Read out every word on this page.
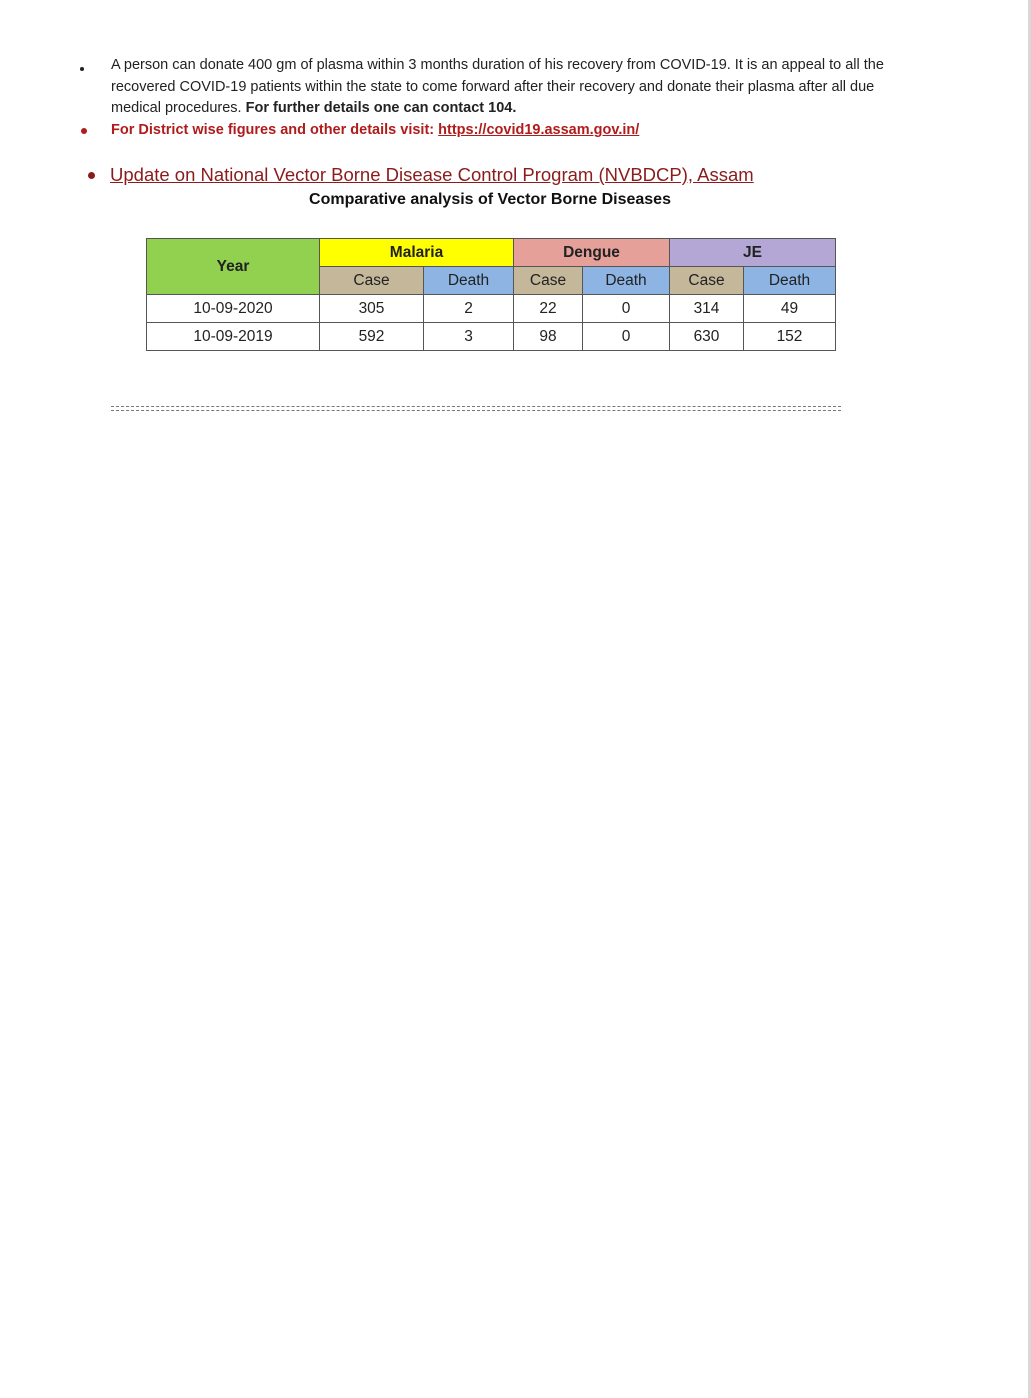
A person can donate 400 gm of plasma within 3 months duration of his recovery from COVID-19. It is an appeal to all the recovered COVID-19 patients within the state to come forward after their recovery and donate their plasma after all due medical procedures. For further details one can contact 104.
For District wise figures and other details visit: https://covid19.assam.gov.in/
Update on National Vector Borne Disease Control Program (NVBDCP), Assam
Comparative analysis of Vector Borne Diseases
Year	Malaria		Dengue		JE	
	Case	Death	Case	Death	Case	Death
10-09-2020	305	2	22	0	314	49
10-09-2019	592	3	98	0	630	152
